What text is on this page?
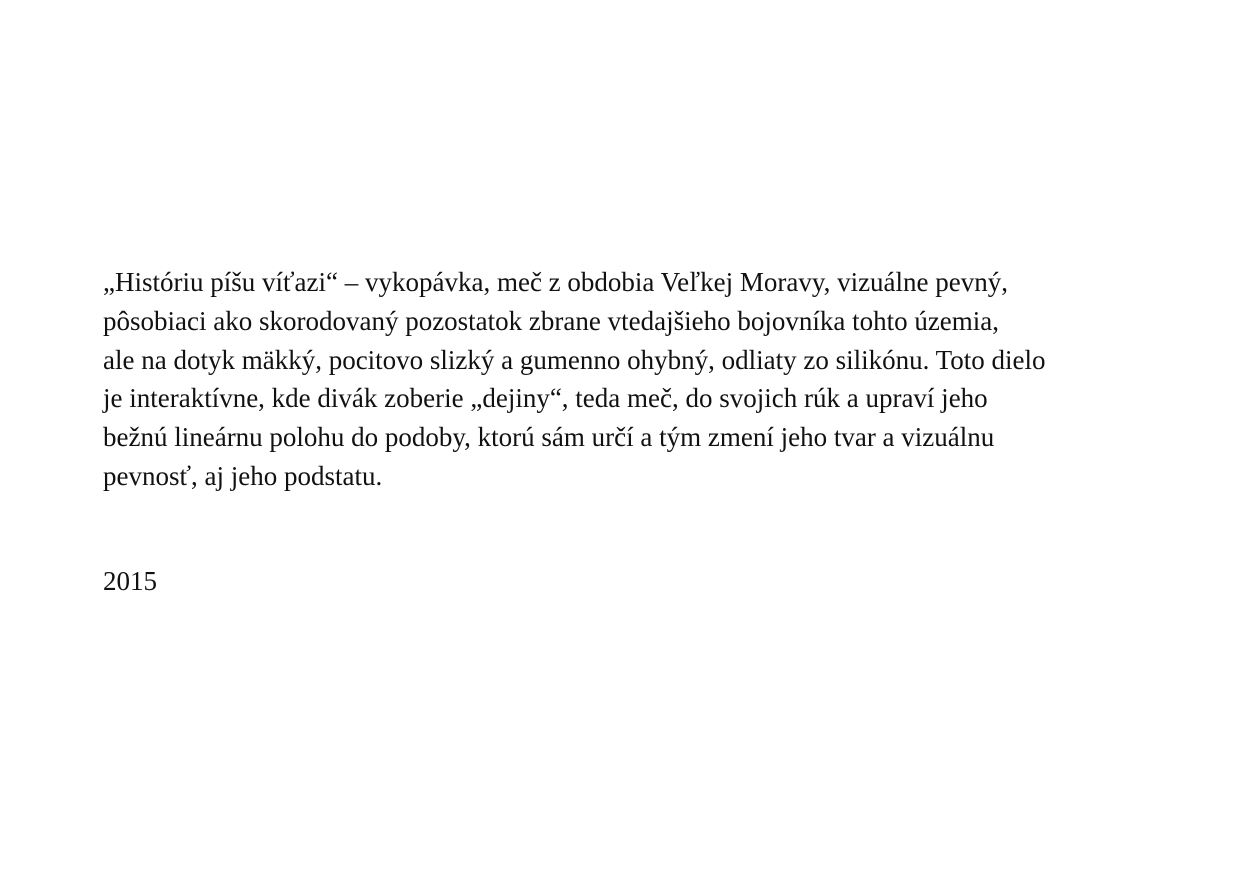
„Históriu píšu víťazi“ – vykopávka, meč z obdobia Veľkej Moravy, vizuálne pevný,
pôsobiaci ako skorodovaný pozostatok zbrane vtedajšieho bojovníka tohto územia,
ale na dotyk mäkký, pocitovo slizký a gumenno ohybný, odliaty zo silikónu. Toto dielo
je interaktívne, kde divák zoberie „dejiny“, teda meč, do svojich rúk a upraví jeho
bežnú lineárnu polohu do podoby, ktorú sám určí a tým zmení jeho tvar a vizuálnu
pevnosť, aj jeho podstatu.

2015
